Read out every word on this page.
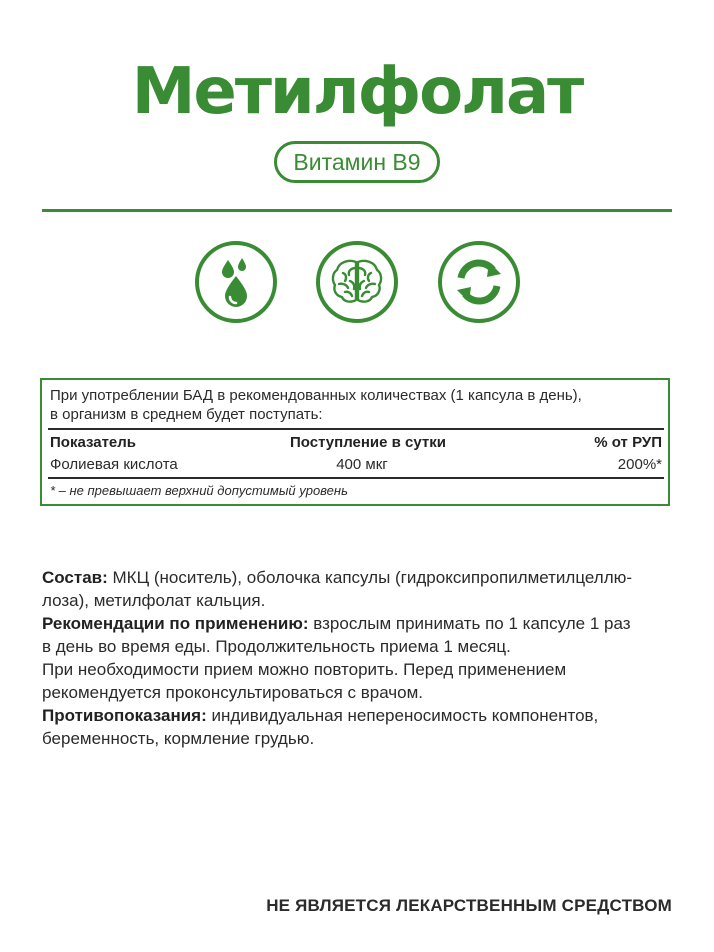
Метилфолат
Витамин B9
При употреблении БАД в рекомендованных количествах (1 капсула в день),
в организм в среднем будет поступать:
Показатель	Поступление в сутки	% от РУП
Фолиевая кислота	400 мкг	200%*
* – не превышает верхний допустимый уровень
Состав: МКЦ (носитель), оболочка капсулы (гидроксипропилметилцеллю-
лоза), метилфолат кальция.
Рекомендации по применению: взрослым принимать по 1 капсуле 1 раз
в день во время еды. Продолжительность приема 1 месяц.
При необходимости прием можно повторить. Перед применением
рекомендуется проконсультироваться с врачом.
Противопоказания: индивидуальная непереносимость компонентов,
беременность, кормление грудью.
НЕ ЯВЛЯЕТСЯ ЛЕКАРСТВЕННЫМ СРЕДСТВОМ
